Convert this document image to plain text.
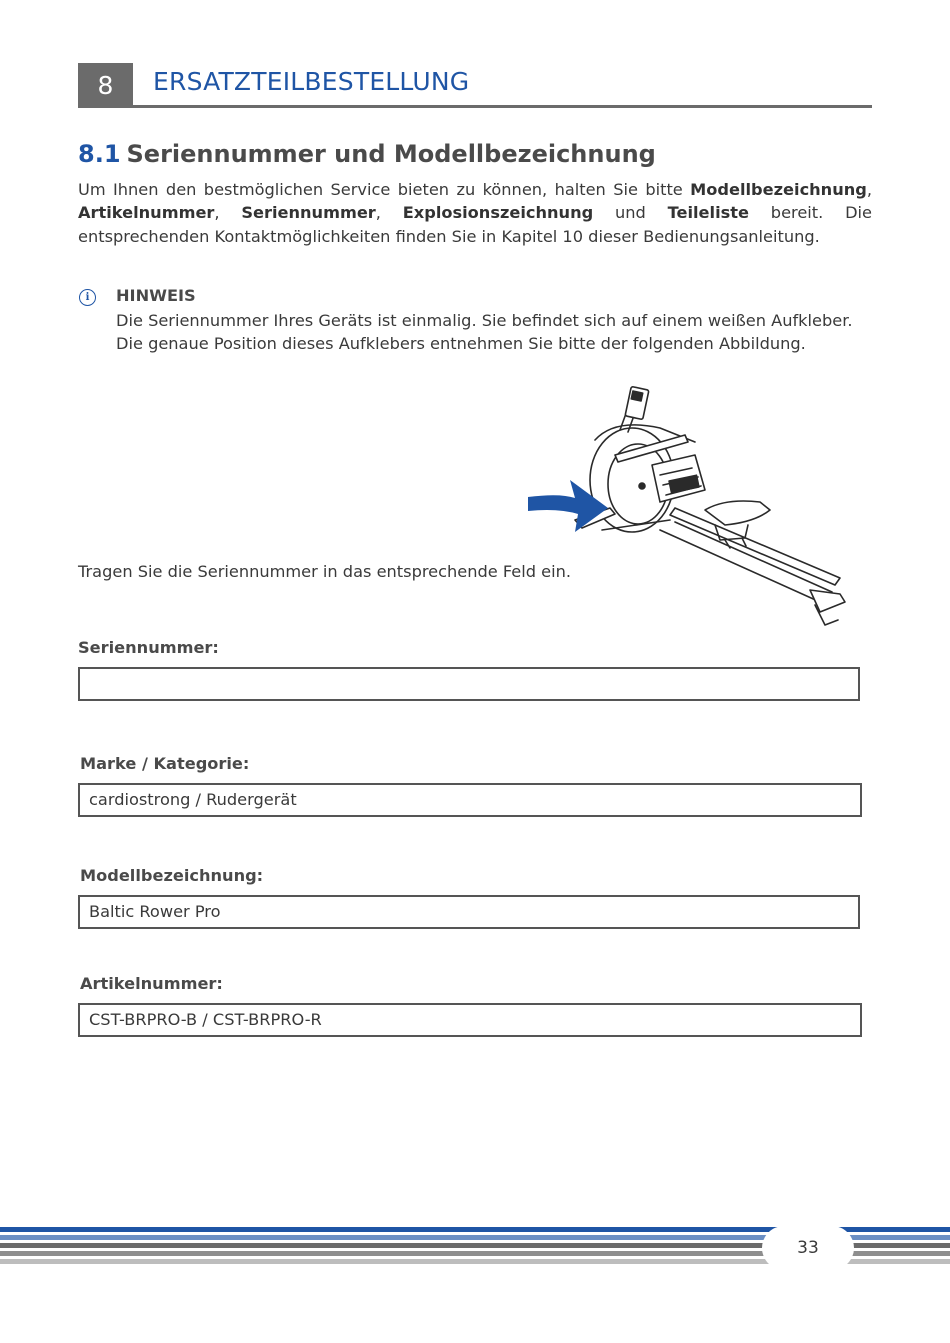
8	ERSATZTEILBESTELLUNG
8.1 Seriennummer und Modellbezeichnung
Um Ihnen den bestmöglichen Service bieten zu können, halten Sie bitte Modellbezeichnung, Artikelnummer, Seriennummer, Explosionszeichnung und Teileliste bereit. Die entsprechenden Kontaktmöglichkeiten finden Sie in Kapitel 10 dieser Bedienungsanleitung.
i	HINWEIS
Die Seriennummer Ihres Geräts ist einmalig. Sie befindet sich auf einem weißen Aufkleber. Die genaue Position dieses Aufklebers entnehmen Sie bitte der folgenden Abbildung.
Tragen Sie die Seriennummer in das entsprechende Feld ein.
Seriennummer:
Marke / Kategorie:
cardiostrong / Rudergerät
Modellbezeichnung:
Baltic Rower Pro
Artikelnummer:
CST-BRPRO-B / CST-BRPRO-R
33
